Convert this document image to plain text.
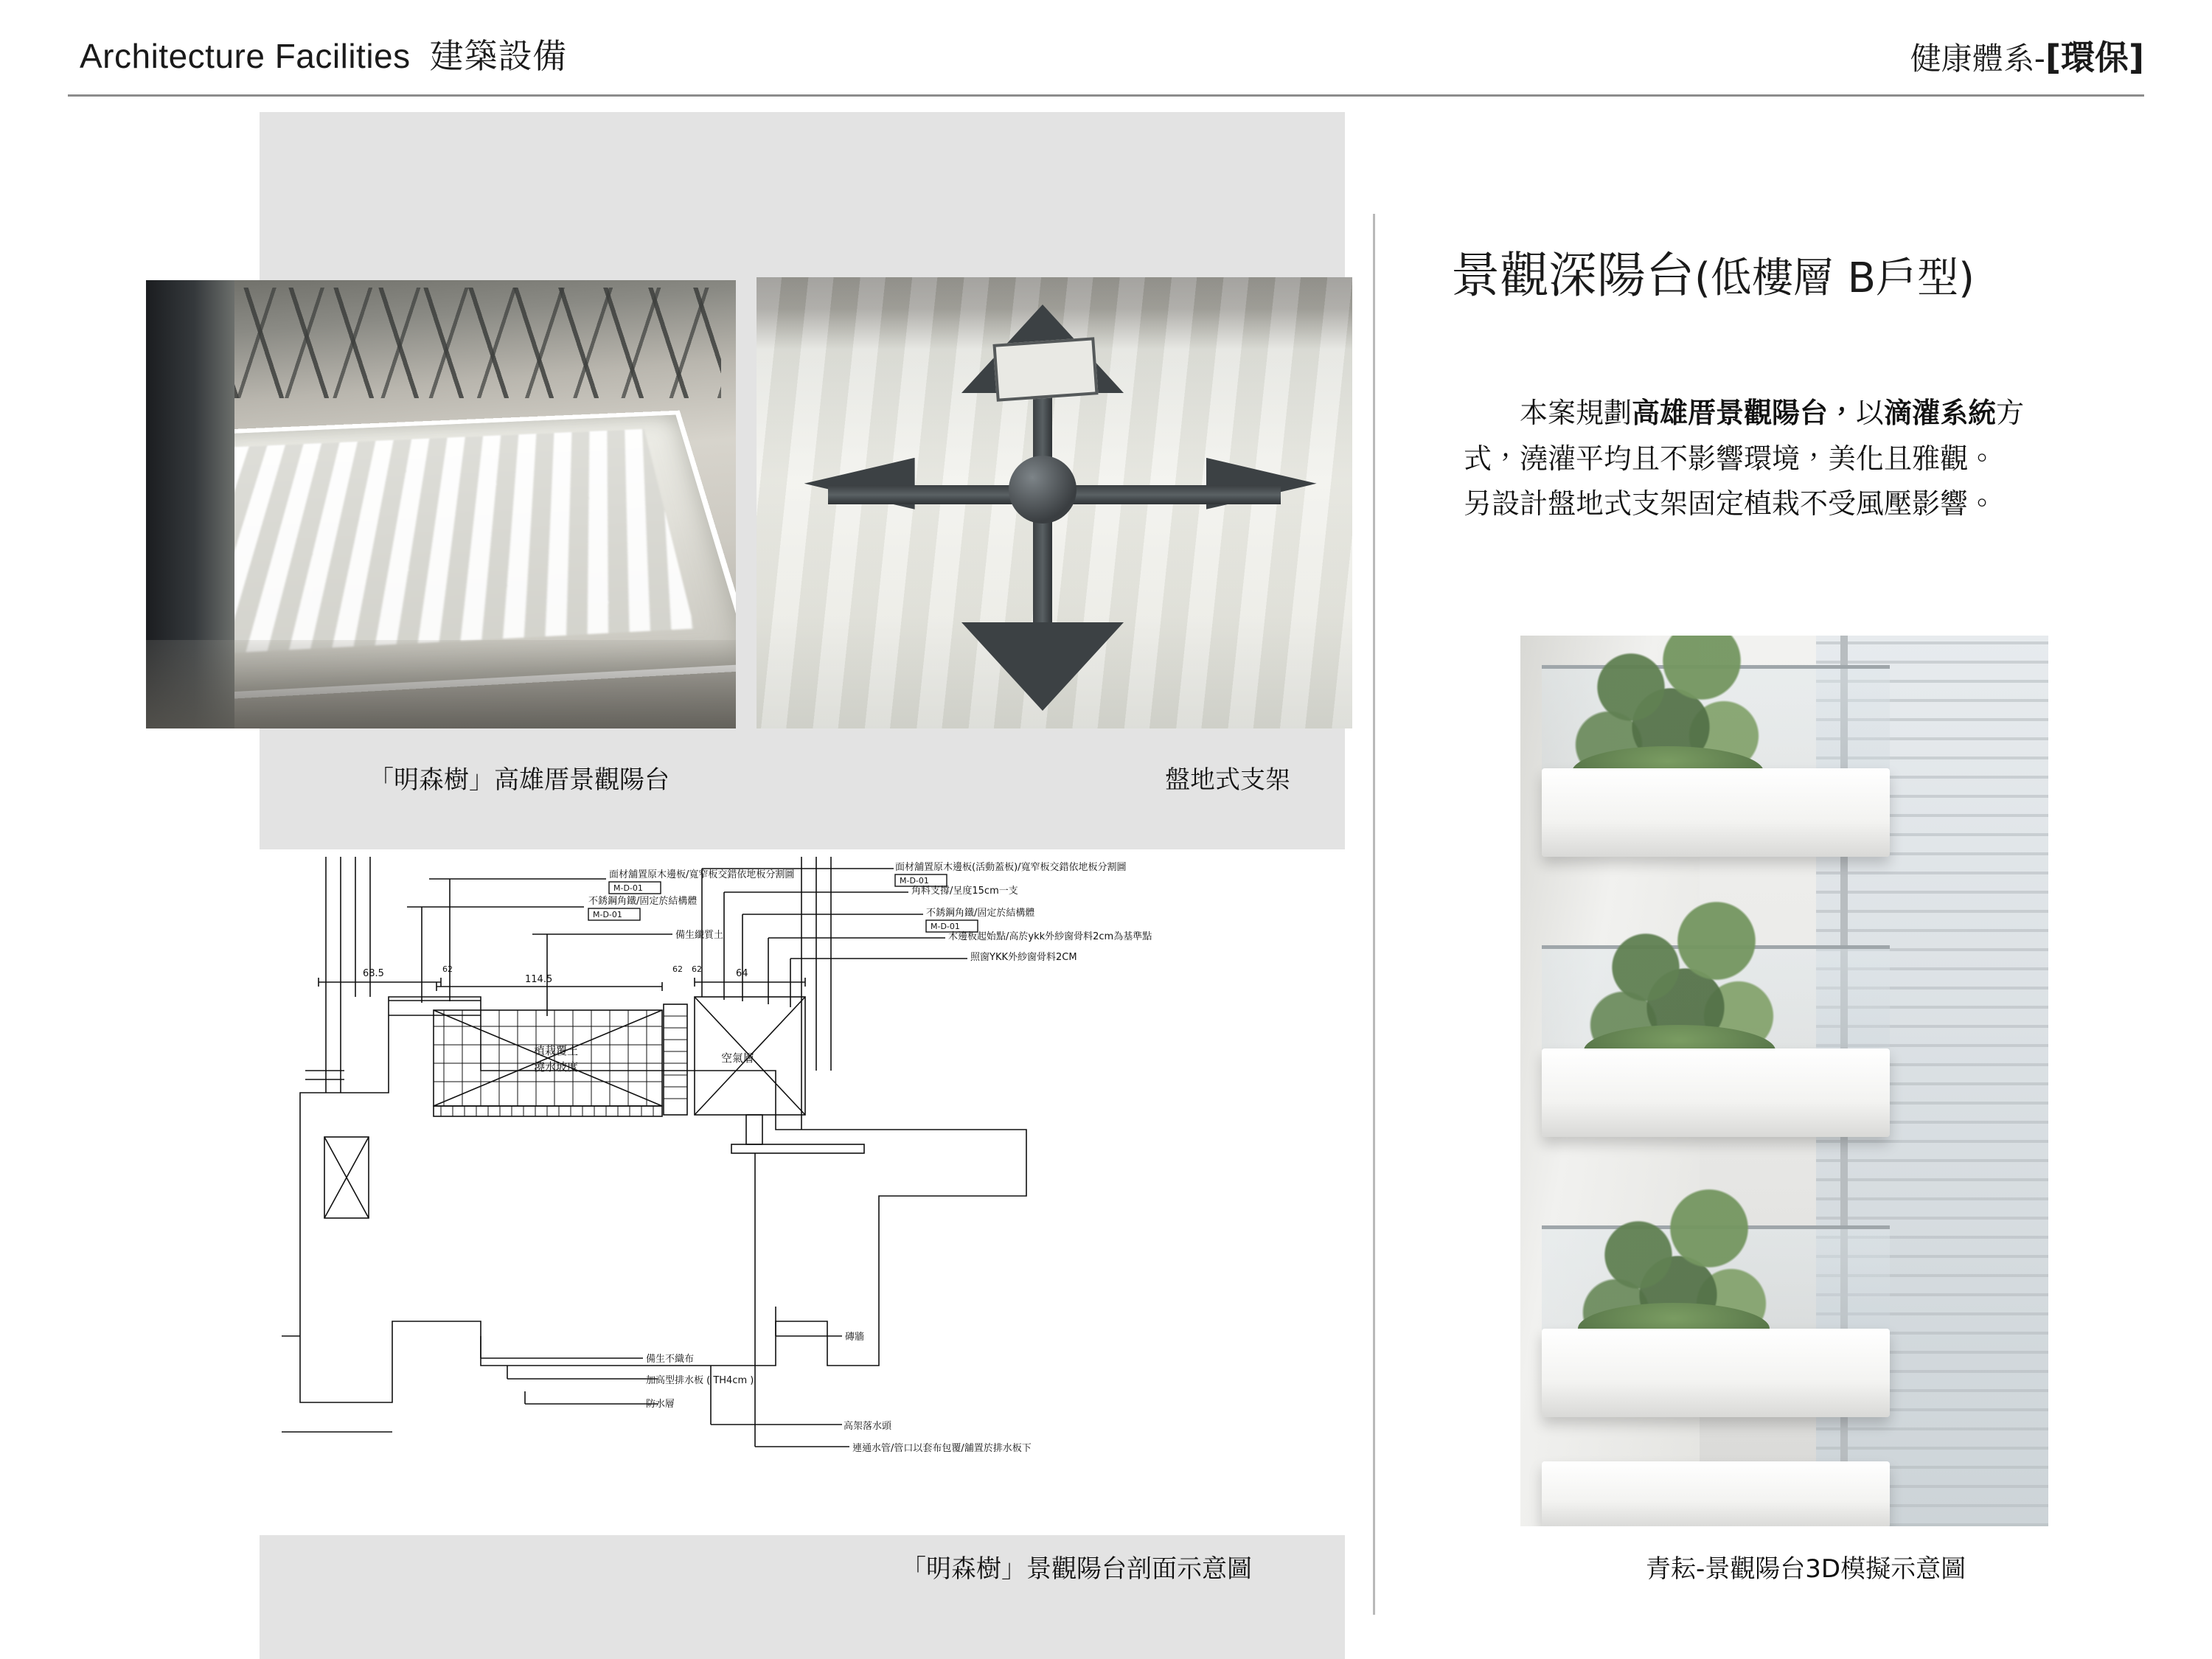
Architecture Facilities 建築設備	健康體系-[環保]
「明森樹」高雄厝景觀陽台	盤地式支架
面材舖置原木邊板/寬窄板交錯依地板分割圖
不銹鋼角鐵/固定於結構體
備生纖質土
面材舖置原木邊板(活動蓋板)/寬窄板交錯依地板分割圖
角料支撐/呈度15cm一支
不銹鋼角鐵/固定於結構體
木邊板起始點/高於ykk外紗窗骨料2cm為基準點
照窗YKK外紗窗骨料2CM
植栽覆土
澆水坡度
空氣層
備生不織布
加高型排水板 ( TH4cm )
防水層
磚牆
高架落水頭
連通水管/管口以套布包覆/舖置於排水板下
68.5
114.5
64
62	62 62
M-D-01
M-D-01
M-D-01
M-D-01
「明森樹」景觀陽台剖面示意圖
景觀深陽台(低樓層 B戶型)
本案規劃高雄厝景觀陽台，以滴灌系統方
式，澆灌平均且不影響環境，美化且雅觀。
另設計盤地式支架固定植栽不受風壓影響。
青耘-景觀陽台3D模擬示意圖
